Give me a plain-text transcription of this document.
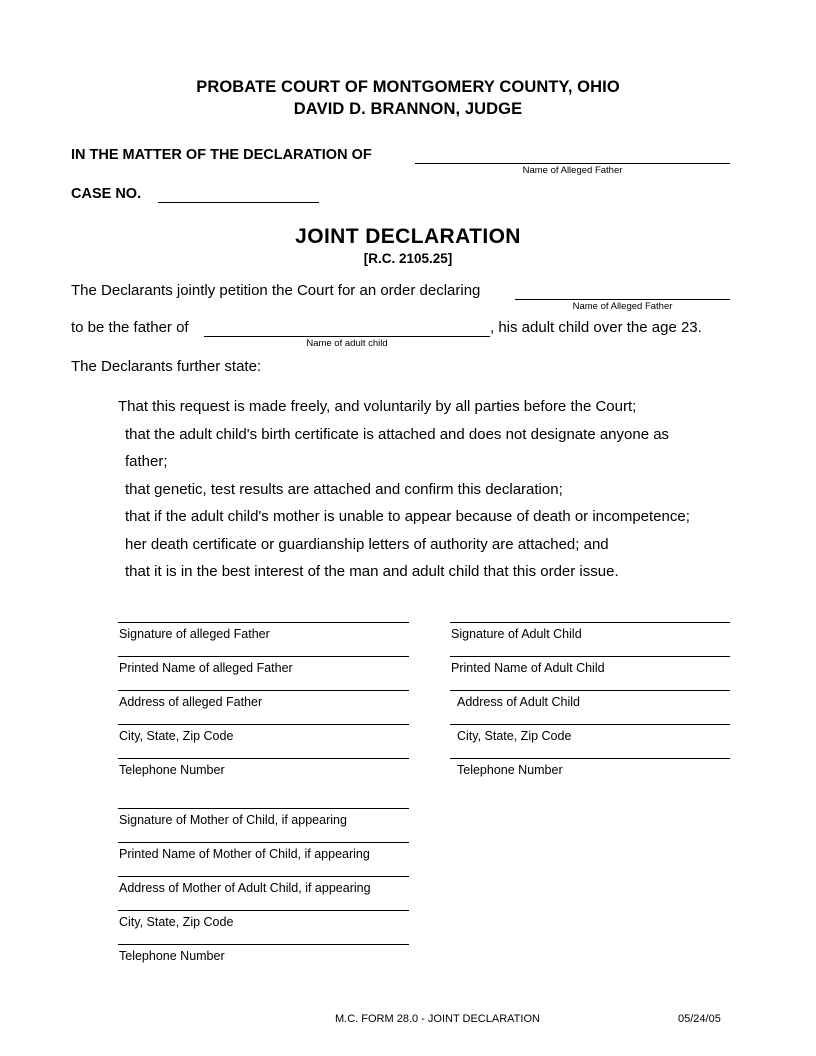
PROBATE COURT OF MONTGOMERY COUNTY, OHIO
DAVID D. BRANNON, JUDGE
IN THE MATTER OF THE DECLARATION OF
Name of Alleged Father
CASE NO.
JOINT DECLARATION
[R.C. 2105.25]
The Declarants jointly petition the Court for an order declaring
Name of Alleged Father
to be the father of
Name of adult child
, his adult child over the age 23.
The Declarants further state:
That this request is made freely, and voluntarily by all parties before the Court;
that the adult child's birth certificate is attached and does not designate anyone as
father;
that genetic, test results are attached and confirm this declaration;
that if the adult child's mother is unable to appear because of death or incompetence;
her death certificate or guardianship letters of authority are attached; and
that it is in the best interest of the man and adult child that this order issue.
Signature of alleged Father
Printed Name of alleged Father
Address of alleged Father
City, State, Zip Code
Telephone Number
Signature of Adult Child
Printed Name of Adult Child
Address of Adult Child
City, State, Zip Code
Telephone Number
Signature of Mother of Child, if appearing
Printed Name of Mother of Child, if appearing
Address of Mother of Adult Child, if appearing
City, State, Zip Code
Telephone Number
M.C. FORM 28.0 - JOINT DECLARATION	05/24/05
